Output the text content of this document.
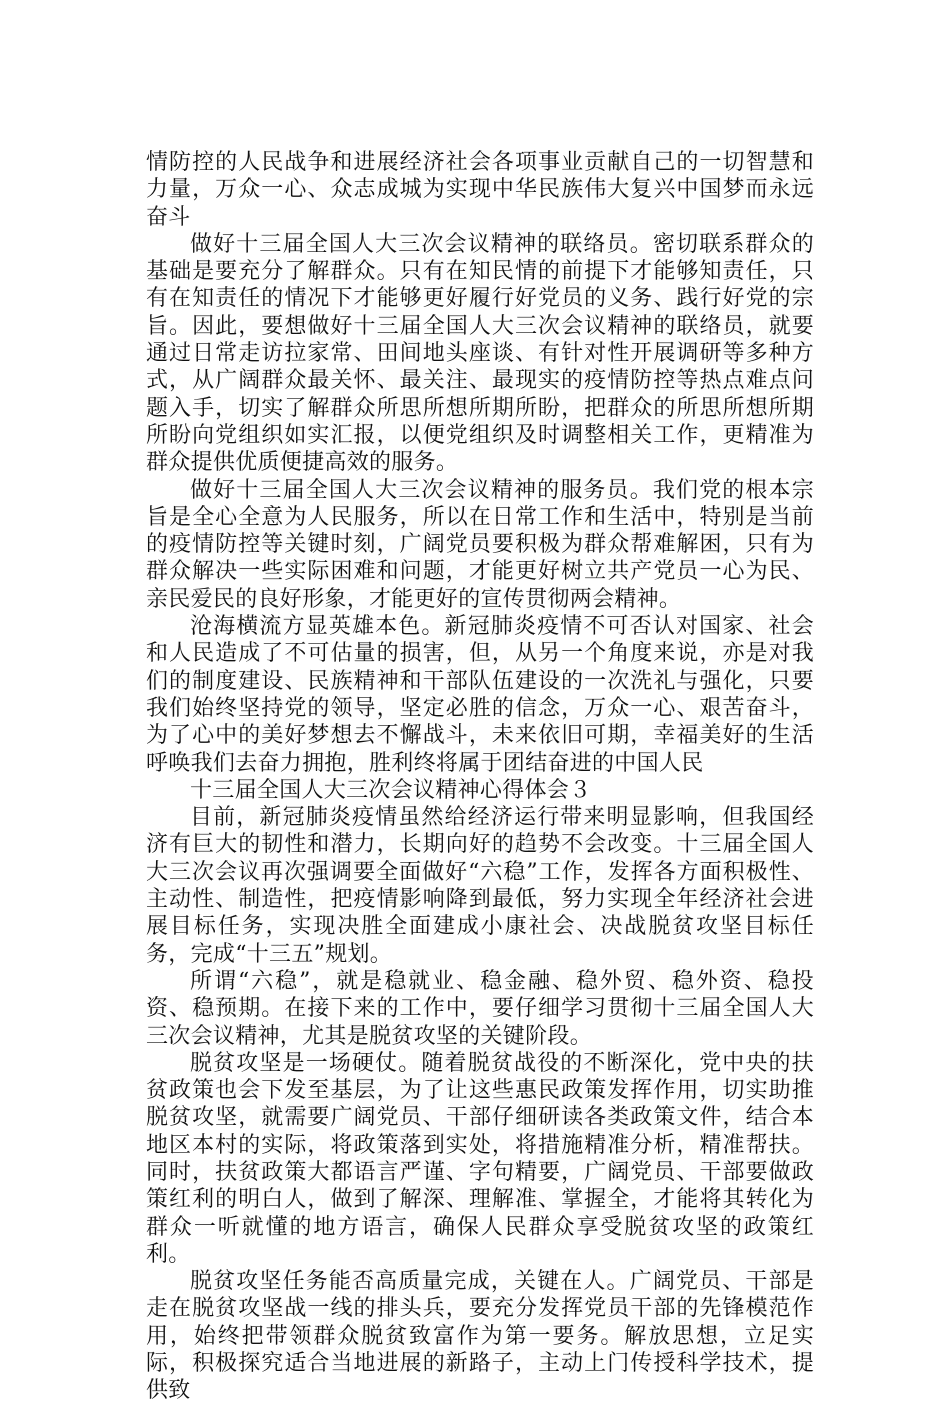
情防控的人民战争和进展经济社会各项事业贡献自己的一切智慧和力量，万众一心、众志成城为实现中华民族伟大复兴中国梦而永远奋斗

做好十三届全国人大三次会议精神的联络员。密切联系群众的基础是要充分了解群众。只有在知民情的前提下才能够知责任，只有在知责任的情况下才能够更好履行好党员的义务、践行好党的宗旨。因此，要想做好十三届全国人大三次会议精神的联络员，就要通过日常走访拉家常、田间地头座谈、有针对性开展调研等多种方式，从广阔群众最关怀、最关注、最现实的疫情防控等热点难点问题入手，切实了解群众所思所想所期所盼，把群众的所思所想所期所盼向党组织如实汇报，以便党组织及时调整相关工作，更精准为群众提供优质便捷高效的服务。

做好十三届全国人大三次会议精神的服务员。我们党的根本宗旨是全心全意为人民服务，所以在日常工作和生活中，特别是当前的疫情防控等关键时刻，广阔党员要积极为群众帮难解困，只有为群众解决一些实际困难和问题，才能更好树立共产党员一心为民、亲民爱民的良好形象，才能更好的宣传贯彻两会精神。

沧海横流方显英雄本色。新冠肺炎疫情不可否认对国家、社会和人民造成了不可估量的损害，但，从另一个角度来说，亦是对我们的制度建设、民族精神和干部队伍建设的一次洗礼与强化，只要我们始终坚持党的领导，坚定必胜的信念，万众一心、艰苦奋斗，为了心中的美好梦想去不懈战斗，未来依旧可期，幸福美好的生活呼唤我们去奋力拥抱，胜利终将属于团结奋进的中国人民

十三届全国人大三次会议精神心得体会３

目前，新冠肺炎疫情虽然给经济运行带来明显影响，但我国经济有巨大的韧性和潜力，长期向好的趋势不会改变。十三届全国人大三次会议再次强调要全面做好“六稳”工作，发挥各方面积极性、主动性、制造性，把疫情影响降到最低，努力实现全年经济社会进展目标任务，实现决胜全面建成小康社会、决战脱贫攻坚目标任务，完成“十三五”规划。

所谓“六稳”，就是稳就业、稳金融、稳外贸、稳外资、稳投资、稳预期。在接下来的工作中，要仔细学习贯彻十三届全国人大三次会议精神，尤其是脱贫攻坚的关键阶段。

脱贫攻坚是一场硬仗。随着脱贫战役的不断深化，党中央的扶贫政策也会下发至基层，为了让这些惠民政策发挥作用，切实助推脱贫攻坚，就需要广阔党员、干部仔细研读各类政策文件，结合本地区本村的实际，将政策落到实处，将措施精准分析，精准帮扶。同时，扶贫政策大都语言严谨、字句精要，广阔党员、干部要做政策红利的明白人，做到了解深、理解准、掌握全，才能将其转化为群众一听就懂的地方语言，确保人民群众享受脱贫攻坚的政策红利。

脱贫攻坚任务能否高质量完成，关键在人。广阔党员、干部是走在脱贫攻坚战一线的排头兵，要充分发挥党员干部的先锋模范作用，始终把带领群众脱贫致富作为第一要务。解放思想，立足实际，积极探究适合当地进展的新路子，主动上门传授科学技术，提供致
